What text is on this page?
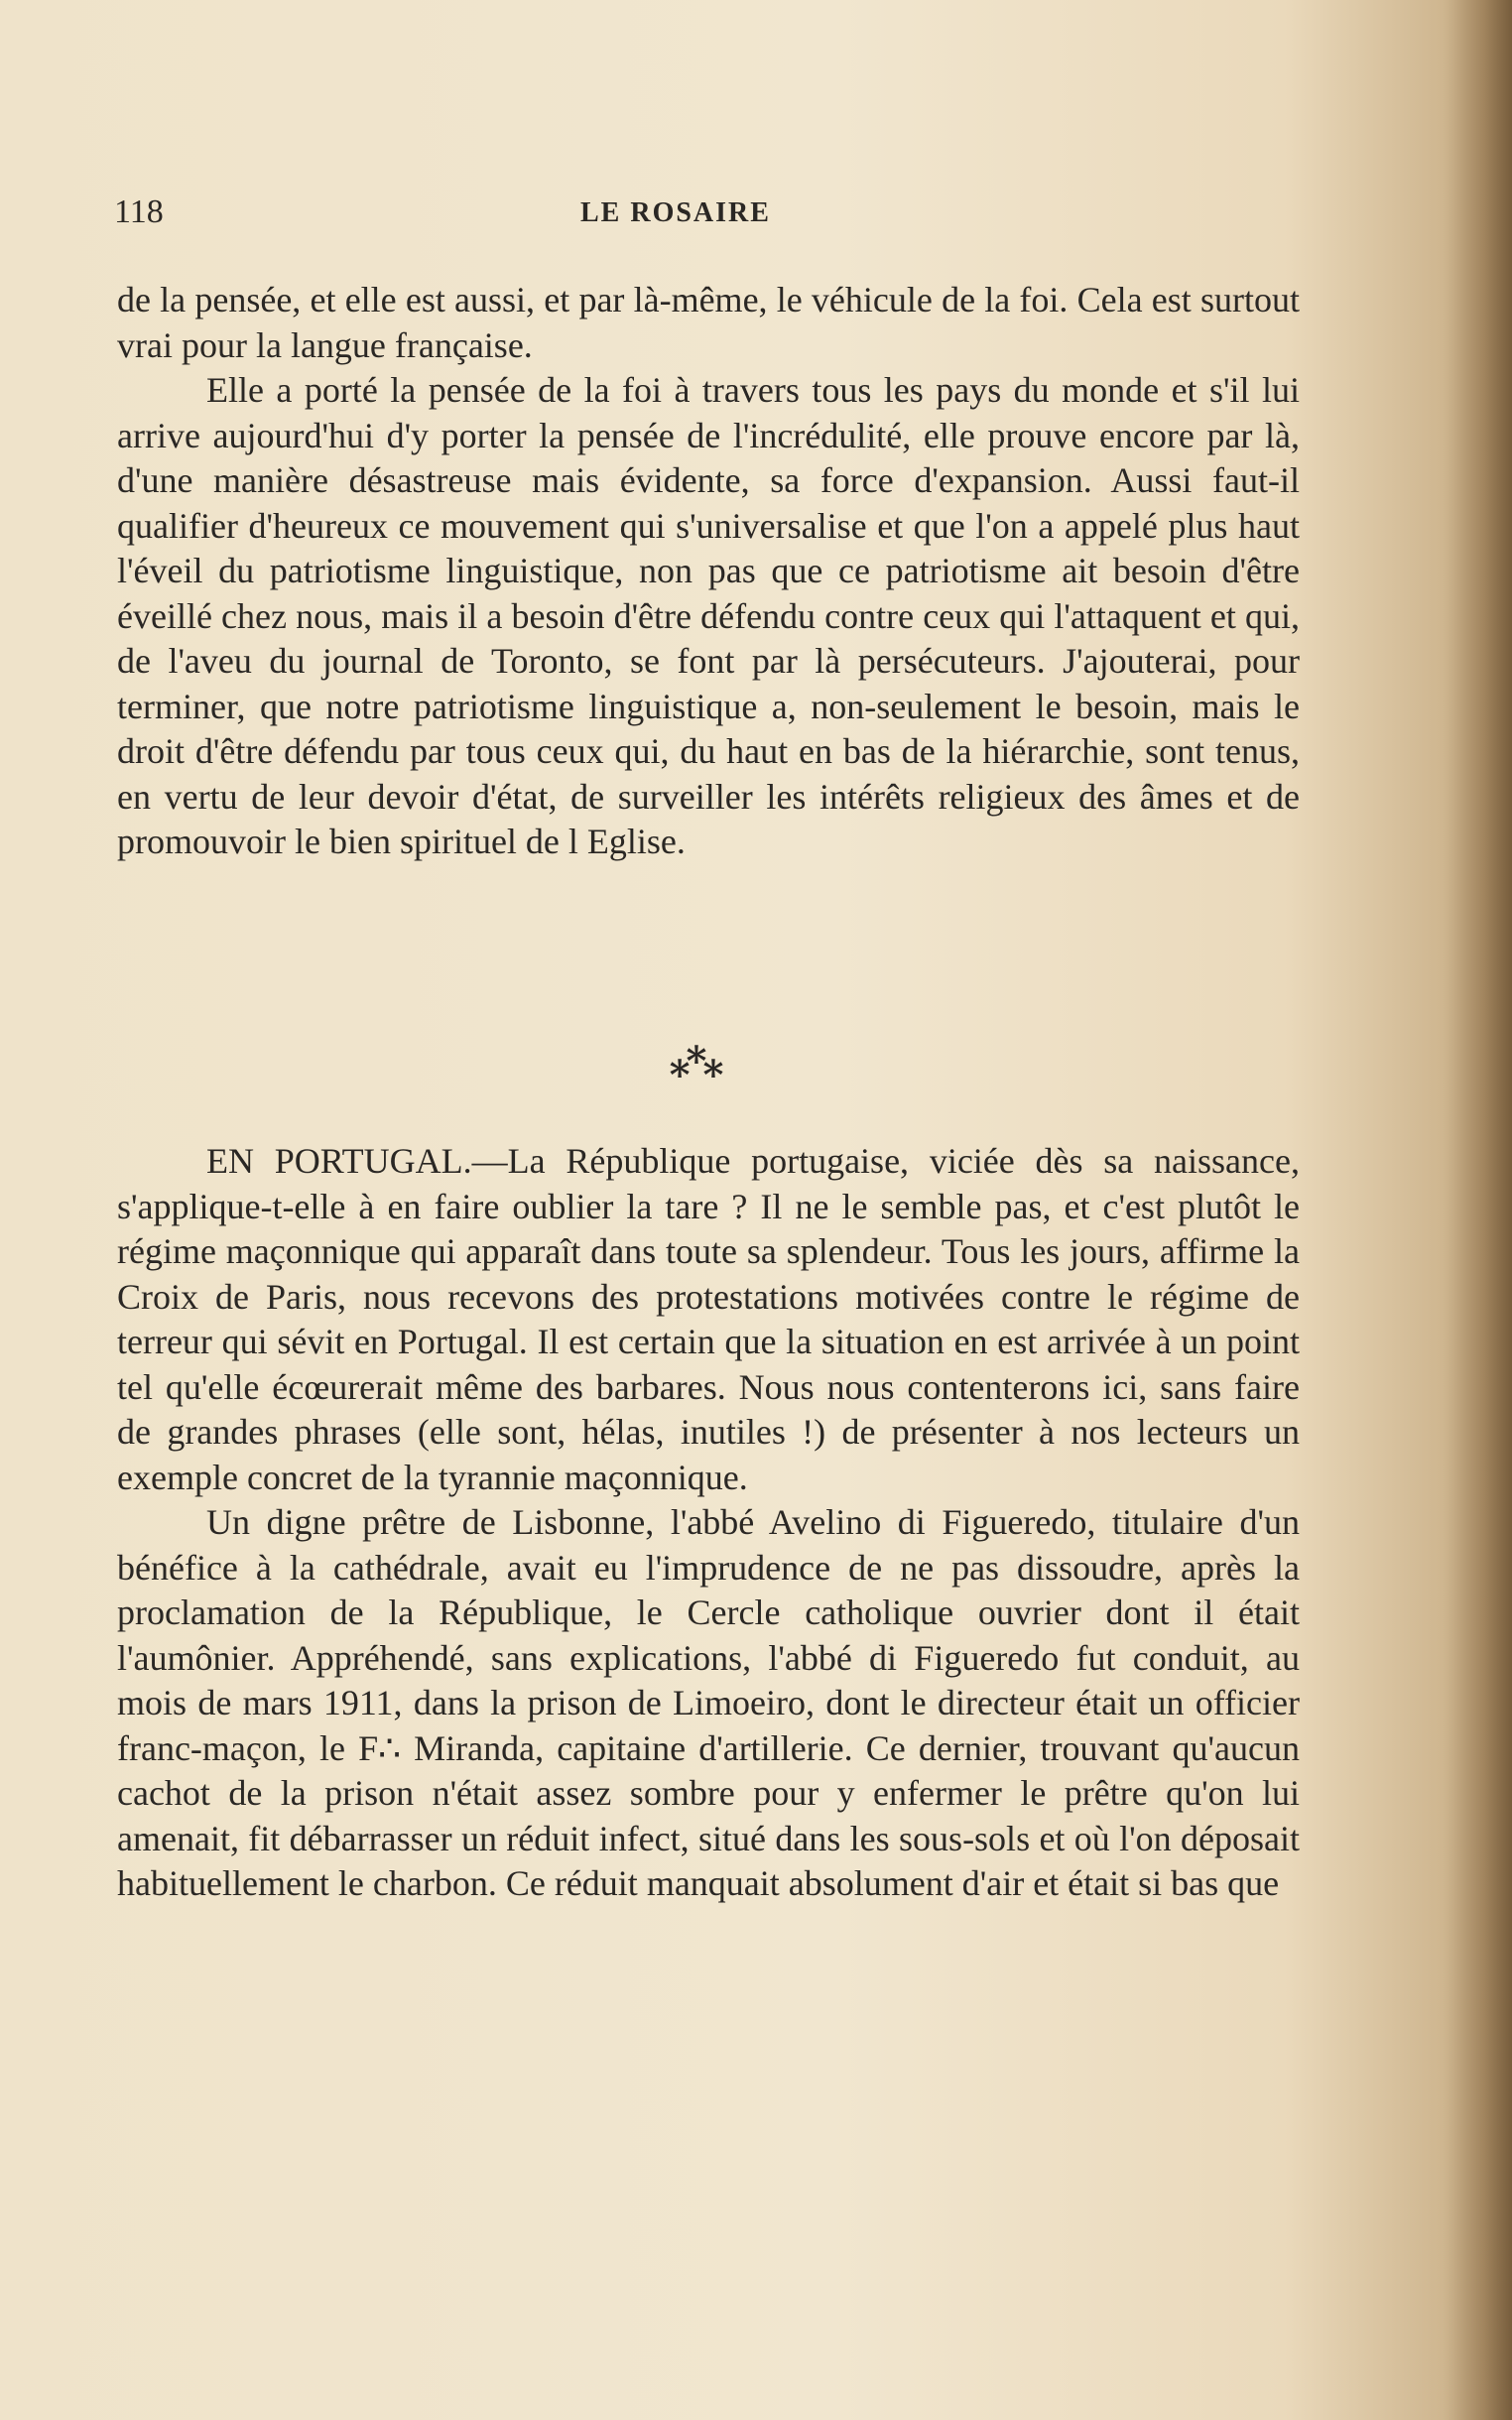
118	LE ROSAIRE

de la pensée, et elle est aussi, et par là-même, le véhicule de la foi. Cela est surtout vrai pour la langue française.

Elle a porté la pensée de la foi à travers tous les pays du monde et s'il lui arrive aujourd'hui d'y porter la pensée de l'incrédulité, elle prouve encore par là, d'une manière désastreuse mais évidente, sa force d'expansion. Aussi faut-il qualifier d'heureux ce mouvement qui s'universalise et que l'on a appelé plus haut l'éveil du patriotisme linguistique, non pas que ce patriotisme ait besoin d'être éveillé chez nous, mais il a besoin d'être défendu contre ceux qui l'attaquent et qui, de l'aveu du journal de Toronto, se font par là persécuteurs. J'ajouterai, pour terminer, que notre patriotisme linguistique a, non-seulement le besoin, mais le droit d'être défendu par tous ceux qui, du haut en bas de la hiérarchie, sont tenus, en vertu de leur devoir d'état, de surveiller les intérêts religieux des âmes et de promouvoir le bien spirituel de l Eglise.

***

EN PORTUGAL.—La République portugaise, viciée dès sa naissance, s'applique-t-elle à en faire oublier la tare ? Il ne le semble pas, et c'est plutôt le régime maçonnique qui apparaît dans toute sa splendeur. Tous les jours, affirme la Croix de Paris, nous recevons des protestations motivées contre le régime de terreur qui sévit en Portugal. Il est certain que la situation en est arrivée à un point tel qu'elle écœurerait même des barbares. Nous nous contenterons ici, sans faire de grandes phrases (elle sont, hélas, inutiles !) de présenter à nos lecteurs un exemple concret de la tyrannie maçonnique.

Un digne prêtre de Lisbonne, l'abbé Avelino di Figueredo, titulaire d'un bénéfice à la cathédrale, avait eu l'imprudence de ne pas dissoudre, après la proclamation de la République, le Cercle catholique ouvrier dont il était l'aumônier. Appréhendé, sans explications, l'abbé di Figueredo fut conduit, au mois de mars 1911, dans la prison de Limoeiro, dont le directeur était un officier franc-maçon, le F∴ Miranda, capitaine d'artillerie. Ce dernier, trouvant qu'aucun cachot de la prison n'était assez sombre pour y enfermer le prêtre qu'on lui amenait, fit débarrasser un réduit infect, situé dans les sous-sols et où l'on déposait habituellement le charbon. Ce réduit manquait absolument d'air et était si bas que
